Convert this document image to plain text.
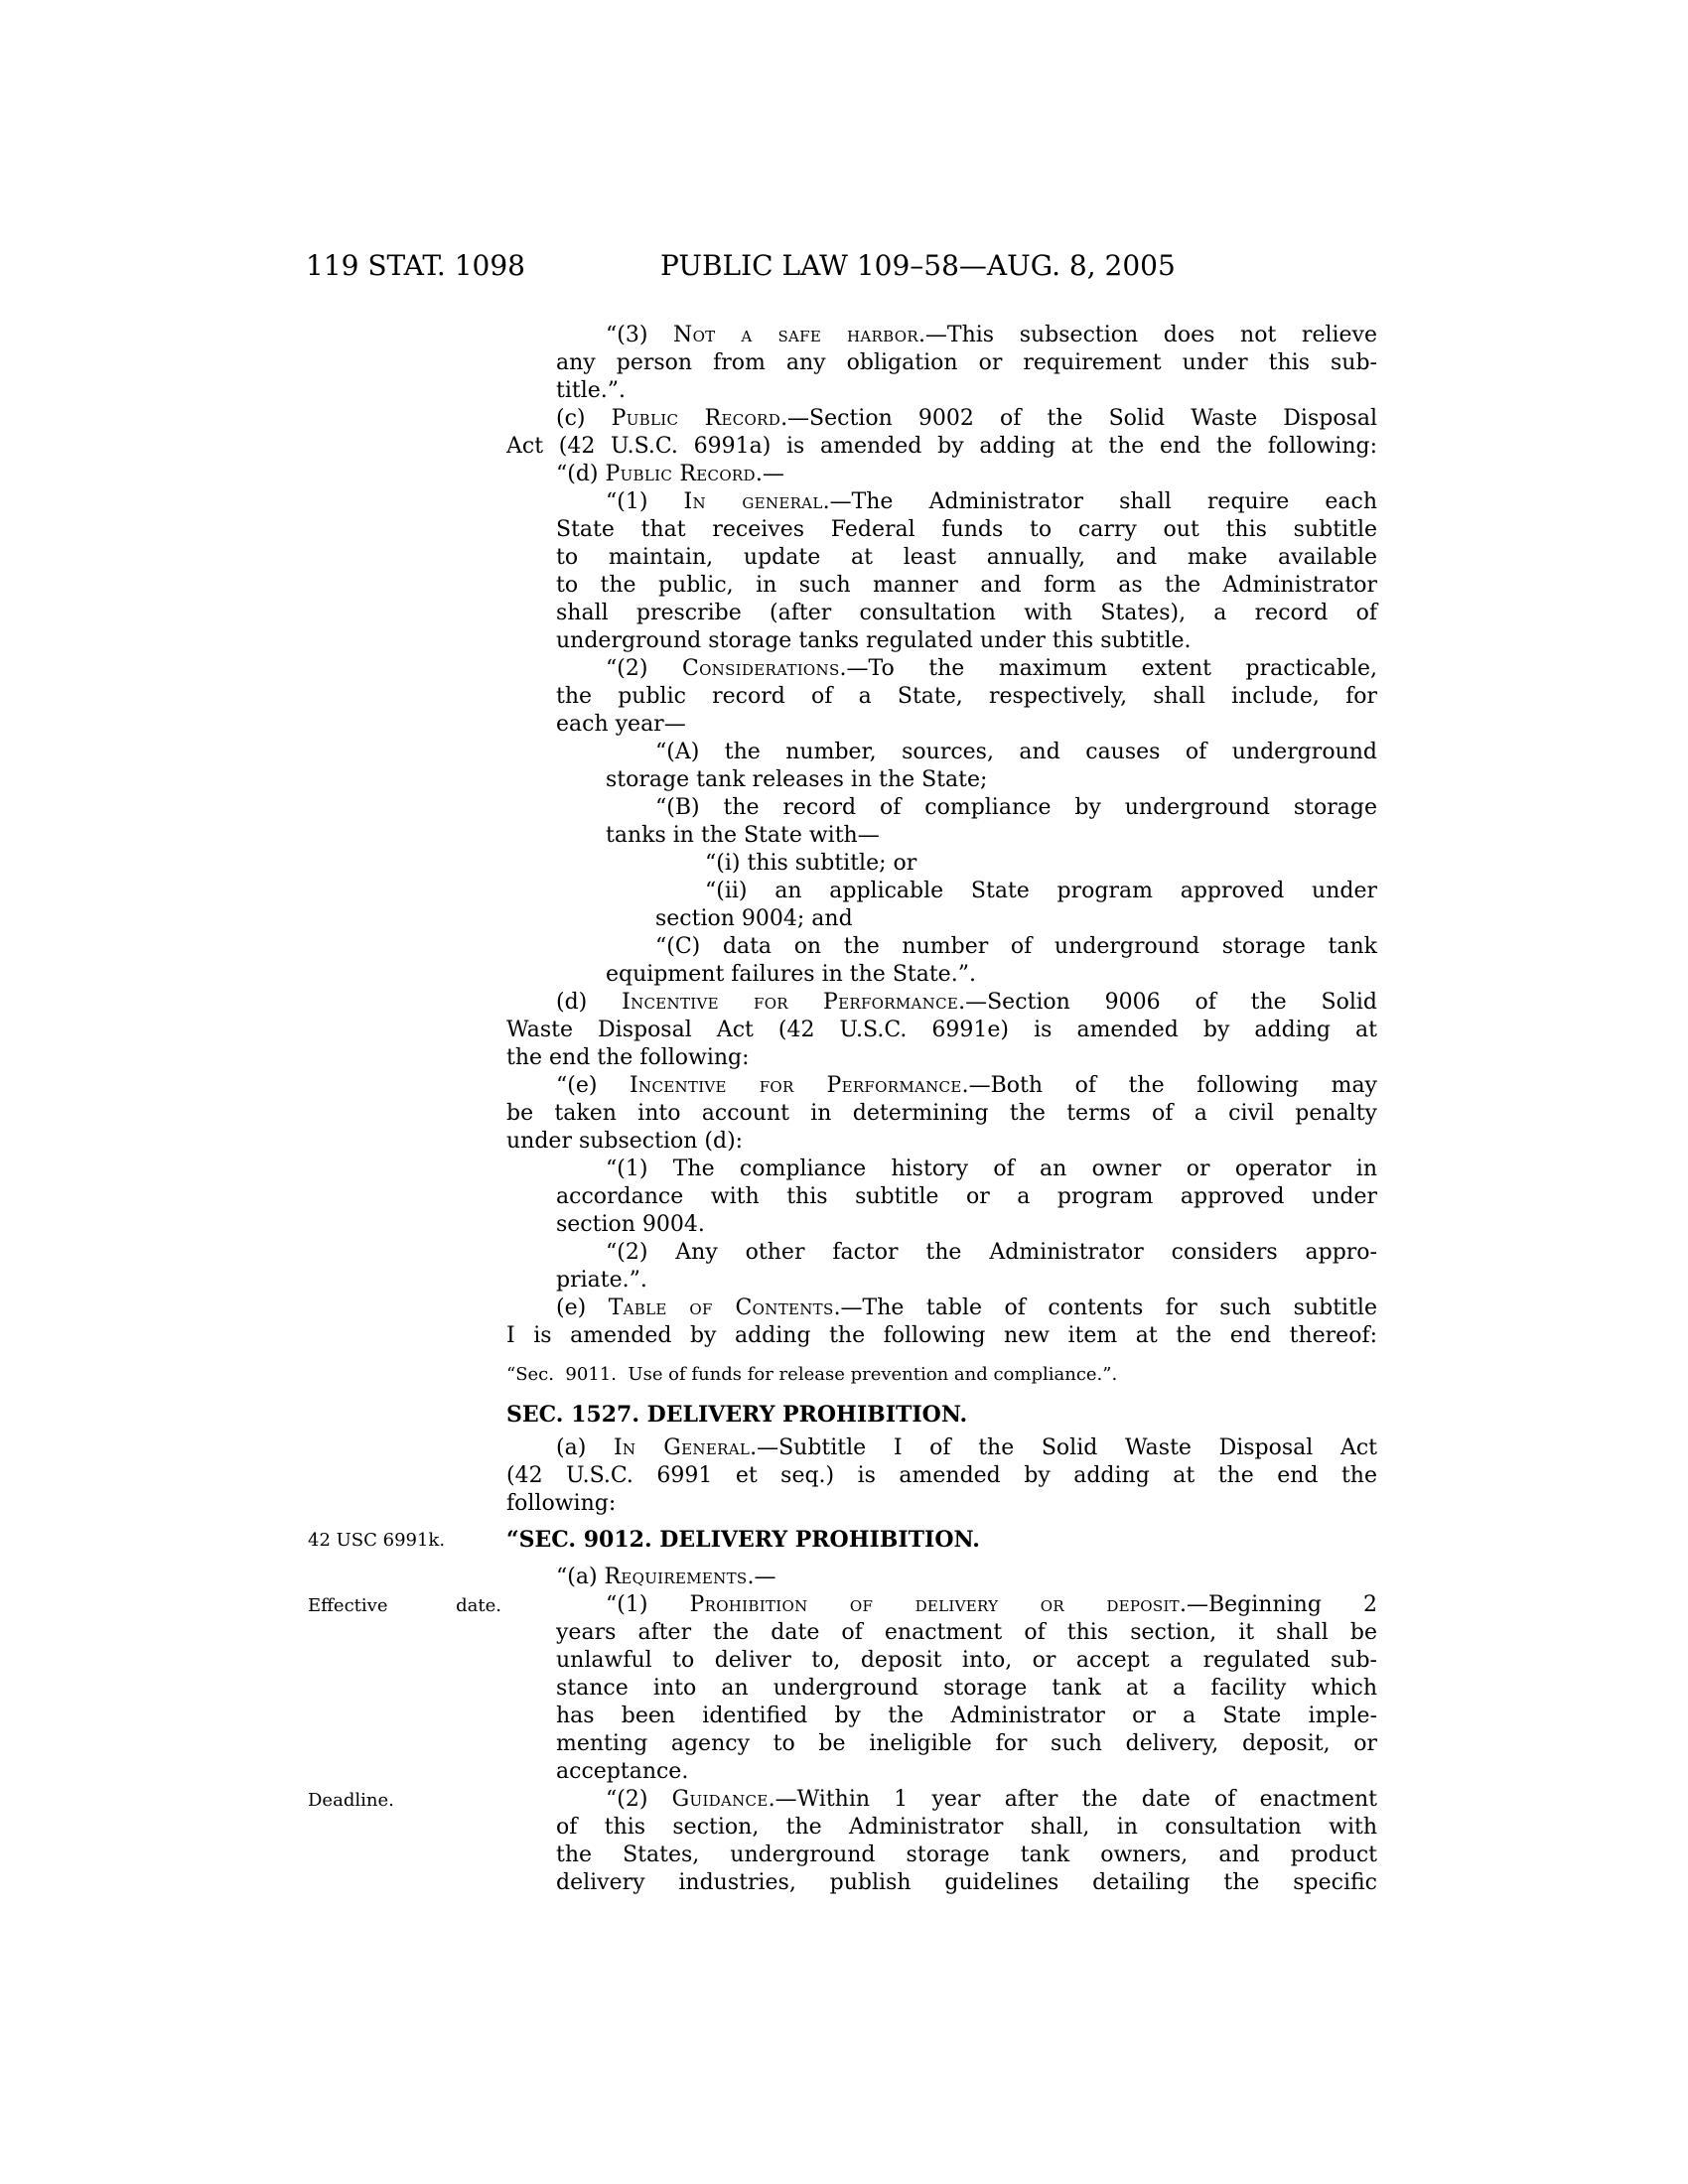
119 STAT. 1098	PUBLIC LAW 109–58—AUG. 8, 2005
“(3) Not a safe harbor.—This subsection does not relieve
any person from any obligation or requirement under this sub-
title.”.
(c) Public Record.—Section 9002 of the Solid Waste Disposal
Act (42 U.S.C. 6991a) is amended by adding at the end the following:
“(d) Public Record.—
“(1) In general.—The Administrator shall require each
State that receives Federal funds to carry out this subtitle
to maintain, update at least annually, and make available
to the public, in such manner and form as the Administrator
shall prescribe (after consultation with States), a record of
underground storage tanks regulated under this subtitle.
“(2) Considerations.—To the maximum extent practicable,
the public record of a State, respectively, shall include, for
each year—
“(A) the number, sources, and causes of underground
storage tank releases in the State;
“(B) the record of compliance by underground storage
tanks in the State with—
“(i) this subtitle; or
“(ii) an applicable State program approved under
section 9004; and
“(C) data on the number of underground storage tank
equipment failures in the State.”.
(d) Incentive for Performance.—Section 9006 of the Solid
Waste Disposal Act (42 U.S.C. 6991e) is amended by adding at
the end the following:
“(e) Incentive for Performance.—Both of the following may
be taken into account in determining the terms of a civil penalty
under subsection (d):
“(1) The compliance history of an owner or operator in
accordance with this subtitle or a program approved under
section 9004.
“(2) Any other factor the Administrator considers appro-
priate.”.
(e) Table of Contents.—The table of contents for such subtitle
I is amended by adding the following new item at the end thereof:
“Sec.  9011.  Use of funds for release prevention and compliance.”.
SEC. 1527. DELIVERY PROHIBITION.
(a) In General.—Subtitle I of the Solid Waste Disposal Act
(42 U.S.C. 6991 et seq.) is amended by adding at the end the
following:
“SEC. 9012. DELIVERY PROHIBITION.
42 USC 6991k.
“(a) Requirements.—
“(1) Prohibition of delivery or deposit.—Beginning 2
Effective date.
years after the date of enactment of this section, it shall be
unlawful to deliver to, deposit into, or accept a regulated sub-
stance into an underground storage tank at a facility which
has been identified by the Administrator or a State imple-
menting agency to be ineligible for such delivery, deposit, or
acceptance.
“(2) Guidance.—Within 1 year after the date of enactment
Deadline.
of this section, the Administrator shall, in consultation with
the States, underground storage tank owners, and product
delivery industries, publish guidelines detailing the specific
